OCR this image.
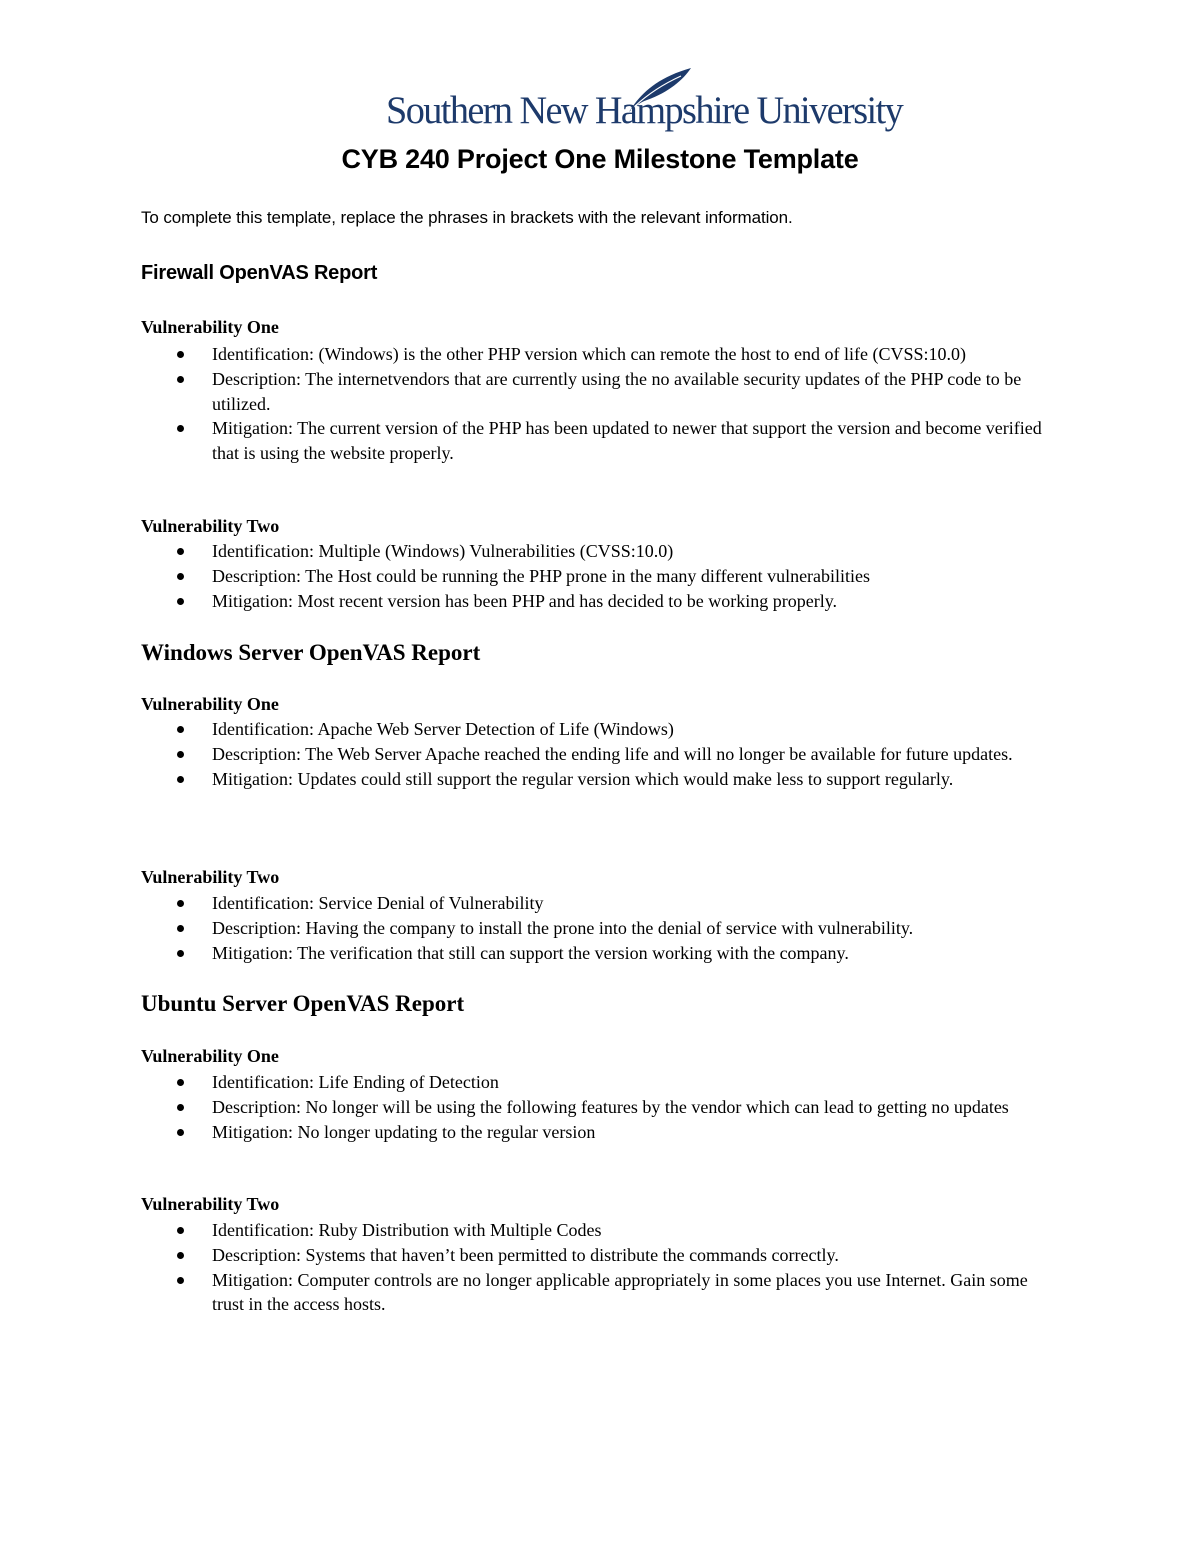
Southern New Hampshire University
CYB 240 Project One Milestone Template
To complete this template, replace the phrases in brackets with the relevant information.
Firewall OpenVAS Report
Vulnerability One
Identification: (Windows) is the other PHP version which can remote the host to end of life (CVSS:10.0)
Description: The internetvendors that are currently using the no available security updates of the PHP code to be utilized.
Mitigation: The current version of the PHP has been updated to newer that support the version and become verified that is using the website properly.
Vulnerability Two
Identification: Multiple (Windows) Vulnerabilities (CVSS:10.0)
Description: The Host could be running the PHP prone in the many different vulnerabilities
Mitigation: Most recent version has been PHP and has decided to be working properly.
Windows Server OpenVAS Report
Vulnerability One
Identification: Apache Web Server Detection of Life (Windows)
Description: The Web Server Apache reached the ending life and will no longer be available for future updates.
Mitigation: Updates could still support the regular version which would make less to support regularly.
Vulnerability Two
Identification: Service Denial of Vulnerability
Description: Having the company to install the prone into the denial of service with vulnerability.
Mitigation: The verification that still can support the version working with the company.
Ubuntu Server OpenVAS Report
Vulnerability One
Identification: Life Ending of Detection
Description: No longer will be using the following features by the vendor which can lead to getting no updates
Mitigation: No longer updating to the regular version
Vulnerability Two
Identification: Ruby Distribution with Multiple Codes
Description: Systems that haven’t been permitted to distribute the commands correctly.
Mitigation: Computer controls are no longer applicable appropriately in some places you use Internet. Gain some trust in the access hosts.
